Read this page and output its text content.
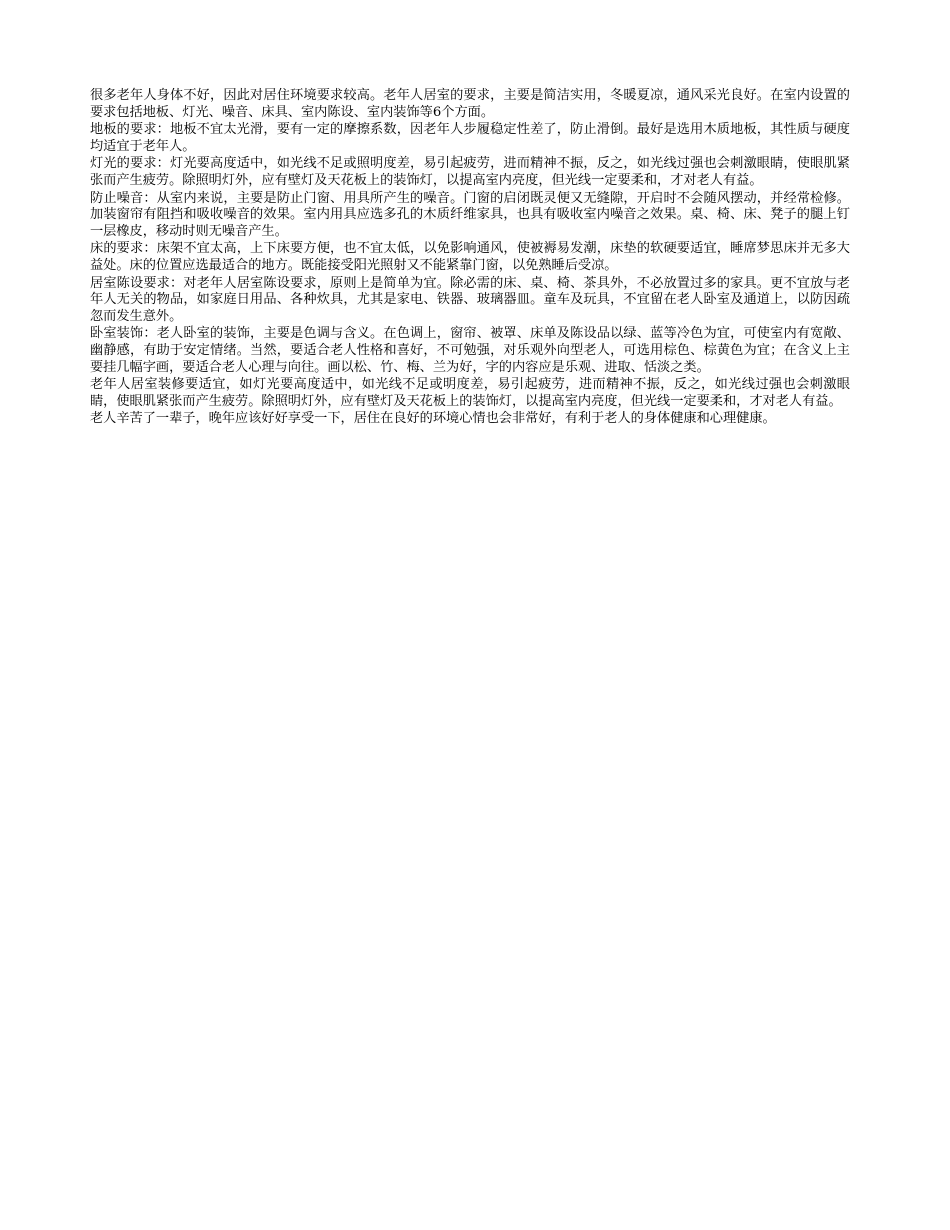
很多老年人身体不好，因此对居住环境要求较高。老年人居室的要求，主要是简洁实用，冬暖夏凉，通风采光良好。在室内设置的要求包括地板、灯光、噪音、床具、室内陈设、室内装饰等6个方面。

地板的要求：地板不宜太光滑，要有一定的摩擦系数，因老年人步履稳定性差了，防止滑倒。最好是选用木质地板，其性质与硬度均适宜于老年人。

灯光的要求：灯光要高度适中，如光线不足或照明度差，易引起疲劳，进而精神不振，反之，如光线过强也会刺激眼睛，使眼肌紧张而产生疲劳。除照明灯外，应有壁灯及天花板上的装饰灯，以提高室内亮度，但光线一定要柔和，才对老人有益。

防止噪音：从室内来说，主要是防止门窗、用具所产生的噪音。门窗的启闭既灵便又无缝隙，开启时不会随风摆动，并经常检修。加装窗帘有阻挡和吸收噪音的效果。室内用具应选多孔的木质纤维家具，也具有吸收室内噪音之效果。桌、椅、床、凳子的腿上钉一层橡皮，移动时则无噪音产生。

床的要求：床架不宜太高，上下床要方便，也不宜太低，以免影响通风，使被褥易发潮，床垫的软硬要适宜，睡席梦思床并无多大益处。床的位置应选最适合的地方。既能接受阳光照射又不能紧靠门窗，以免熟睡后受凉。

居室陈设要求：对老年人居室陈设要求，原则上是简单为宜。除必需的床、桌、椅、茶具外，不必放置过多的家具。更不宜放与老年人无关的物品，如家庭日用品、各种炊具，尤其是家电、铁器、玻璃器皿。童车及玩具，不宜留在老人卧室及通道上，以防因疏忽而发生意外。

卧室装饰：老人卧室的装饰，主要是色调与含义。在色调上，窗帘、被罩、床单及陈设品以绿、蓝等冷色为宜，可使室内有宽敞、幽静感，有助于安定情绪。当然，要适合老人性格和喜好，不可勉强，对乐观外向型老人，可选用棕色、棕黄色为宜；在含义上主要挂几幅字画，要适合老人心理与向往。画以松、竹、梅、兰为好，字的内容应是乐观、进取、恬淡之类。

老年人居室装修要适宜，如灯光要高度适中，如光线不足或明度差，易引起疲劳，进而精神不振，反之，如光线过强也会刺激眼睛，使眼肌紧张而产生疲劳。除照明灯外，应有壁灯及天花板上的装饰灯，以提高室内亮度，但光线一定要柔和，才对老人有益。

老人辛苦了一辈子，晚年应该好好享受一下，居住在良好的环境心情也会非常好，有利于老人的身体健康和心理健康。
